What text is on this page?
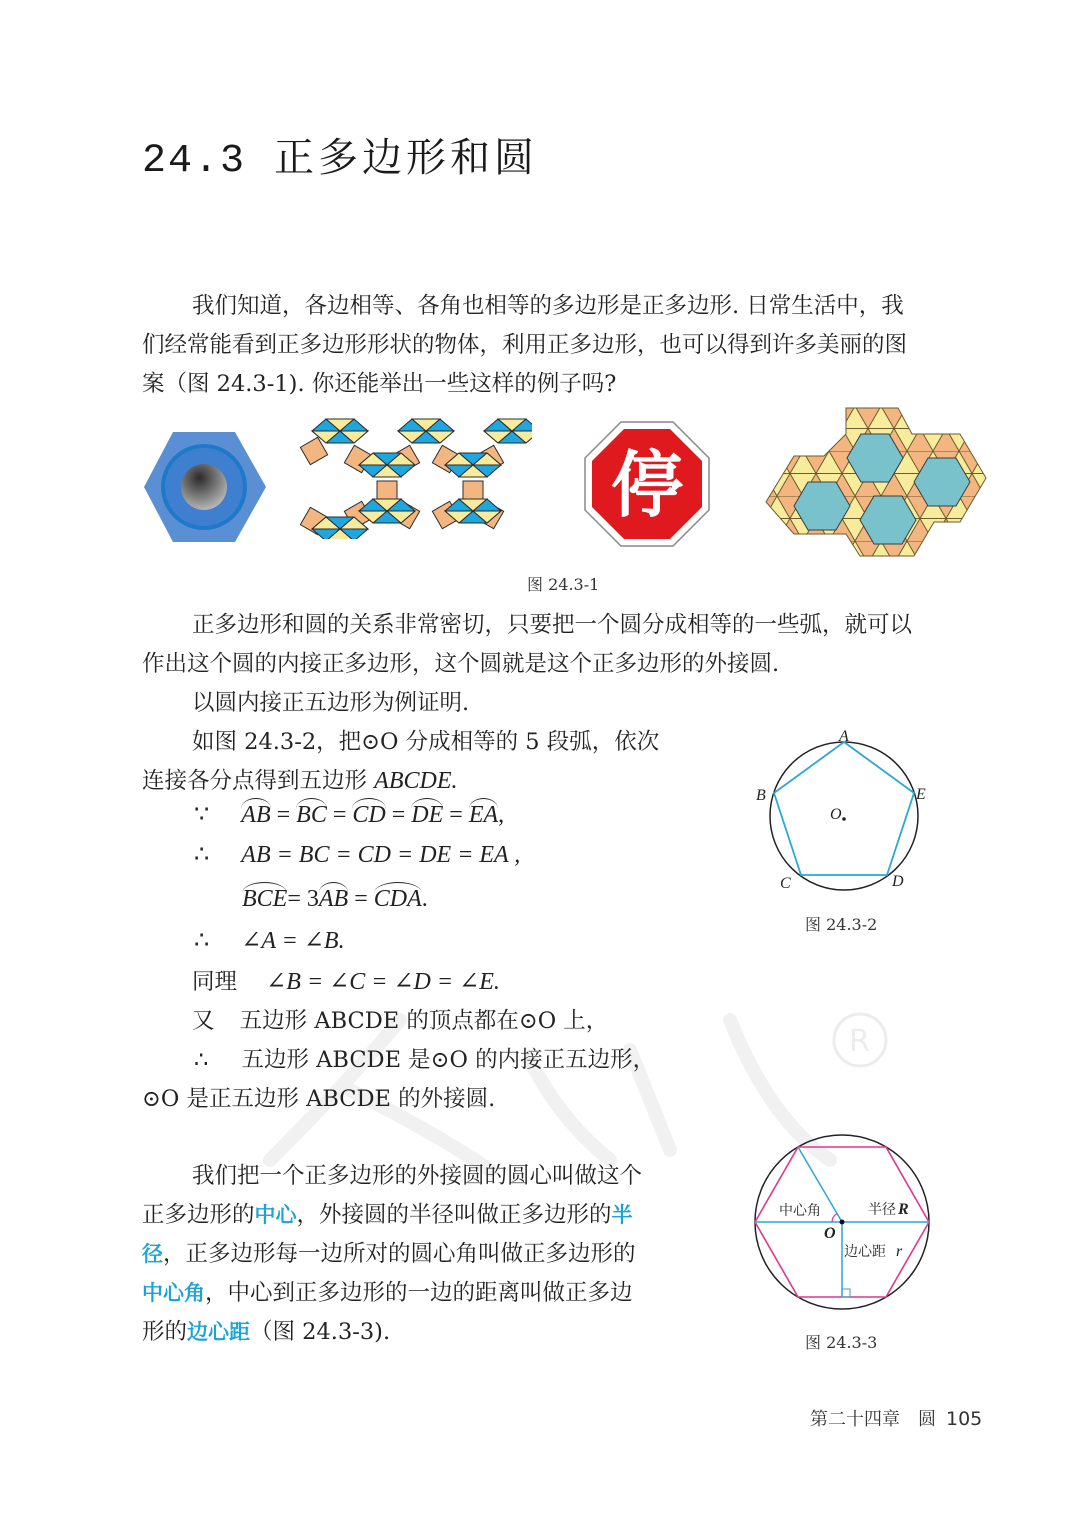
R
24.3 正多边形和圆
我们知道，各边相等、各角也相等的多边形是正多边形. 日常生活中，我
们经常能看到正多边形形状的物体，利用正多边形，也可以得到许多美丽的图
案（图 24.3-1). 你还能举出一些这样的例子吗?
停
图 24.3-1
正多边形和圆的关系非常密切，只要把一个圆分成相等的一些弧，就可以
作出这个圆的内接正多边形，这个圆就是这个正多边形的外接圆.
以圆内接正五边形为例证明.
如图 24.3-2，把⊙O 分成相等的 5 段弧，依次
连接各分点得到五边形 ABCDE.
∵ AB = BC = CD = DE = EA,
∴ AB = BC = CD = DE = EA ,
BCE= 3AB = CDA.
∴ ∠A = ∠B.
同理 ∠B = ∠C = ∠D = ∠E.
又 五边形 ABCDE 的顶点都在⊙O 上，
∴ 五边形 ABCDE 是⊙O 的内接正五边形，
⊙O 是正五边形 ABCDE 的外接圆.
A
B
C	D
E
O
图 24.3-2
我们把一个正多边形的外接圆的圆心叫做这个
正多边形的中心，外接圆的半径叫做正多边形的半
径，正多边形每一边所对的圆心角叫做正多边形的
中心角，中心到正多边形的一边的距离叫做正多边
形的边心距（图 24.3-3).
中心角	半径
边心距
R
r
O
图 24.3-3
第二十四章　圆 105
